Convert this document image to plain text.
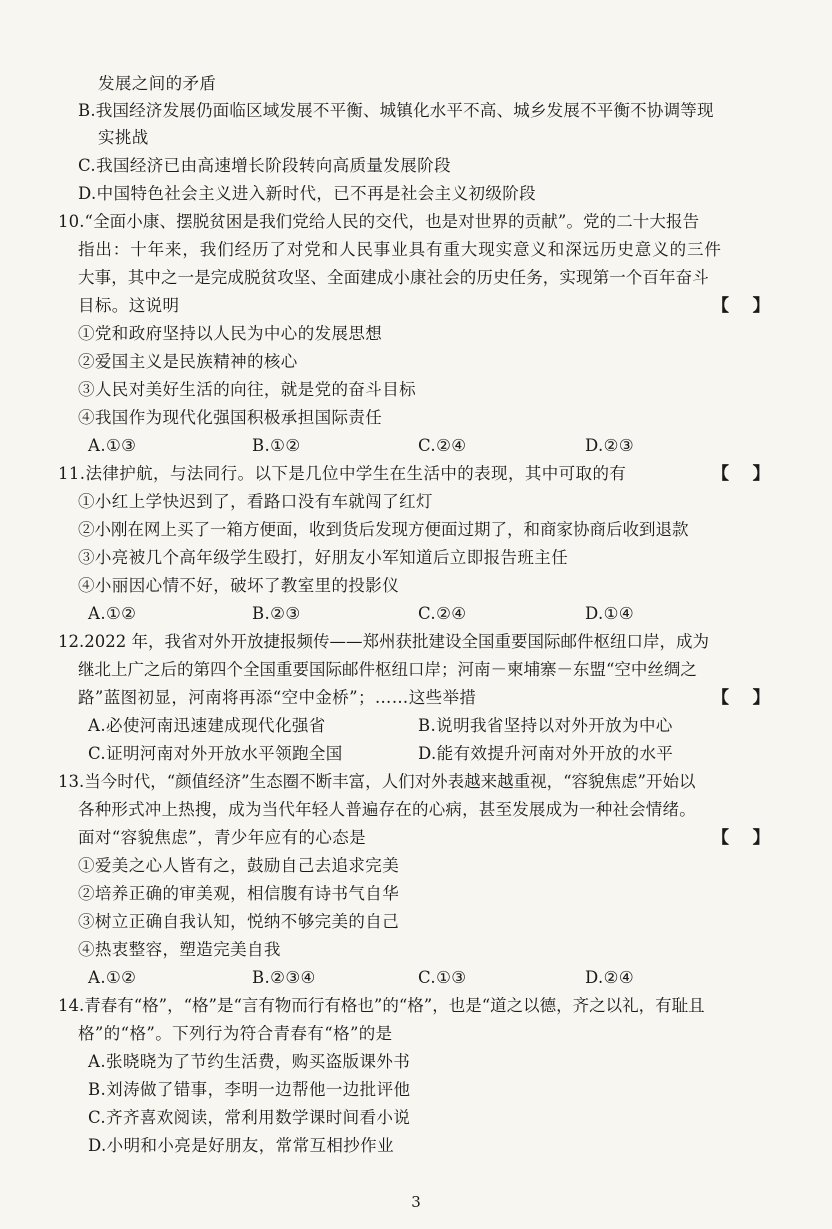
发展之间的矛盾
B.我国经济发展仍面临区域发展不平衡、城镇化水平不高、城乡发展不平衡不协调等现
实挑战
C.我国经济已由高速增长阶段转向高质量发展阶段
D.中国特色社会主义进入新时代，已不再是社会主义初级阶段
10.“全面小康、摆脱贫困是我们党给人民的交代，也是对世界的贡献”。党的二十大报告
指出：十年来，我们经历了对党和人民事业具有重大现实意义和深远历史意义的三件
大事，其中之一是完成脱贫攻坚、全面建成小康社会的历史任务，实现第一个百年奋斗
目标。这说明	【    】
①党和政府坚持以人民为中心的发展思想
②爱国主义是民族精神的核心
③人民对美好生活的向往，就是党的奋斗目标
④我国作为现代化强国积极承担国际责任
A.①③	B.①②	C.②④	D.②③
11.法律护航，与法同行。以下是几位中学生在生活中的表现，其中可取的有	【    】
①小红上学快迟到了，看路口没有车就闯了红灯
②小刚在网上买了一箱方便面，收到货后发现方便面过期了，和商家协商后收到退款
③小亮被几个高年级学生殴打，好朋友小军知道后立即报告班主任
④小丽因心情不好，破坏了教室里的投影仪
A.①②	B.②③	C.②④	D.①④
12.2022 年，我省对外开放捷报频传——郑州获批建设全国重要国际邮件枢纽口岸，成为
继北上广之后的第四个全国重要国际邮件枢纽口岸；河南－柬埔寨－东盟“空中丝绸之
路”蓝图初显，河南将再添“空中金桥”；……这些举措	【    】
A.必使河南迅速建成现代化强省	B.说明我省坚持以对外开放为中心
C.证明河南对外开放水平领跑全国	D.能有效提升河南对外开放的水平
13.当今时代，“颜值经济”生态圈不断丰富，人们对外表越来越重视，“容貌焦虑”开始以
各种形式冲上热搜，成为当代年轻人普遍存在的心病，甚至发展成为一种社会情绪。
面对“容貌焦虑”，青少年应有的心态是	【    】
①爱美之心人皆有之，鼓励自己去追求完美
②培养正确的审美观，相信腹有诗书气自华
③树立正确自我认知，悦纳不够完美的自己
④热衷整容，塑造完美自我
A.①②	B.②③④	C.①③	D.②④
14.青春有“格”，“格”是“言有物而行有格也”的“格”，也是“道之以德，齐之以礼，有耻且
格”的“格”。下列行为符合青春有“格”的是
A.张晓晓为了节约生活费，购买盗版课外书
B.刘涛做了错事，李明一边帮他一边批评他
C.齐齐喜欢阅读，常利用数学课时间看小说
D.小明和小亮是好朋友，常常互相抄作业
3
